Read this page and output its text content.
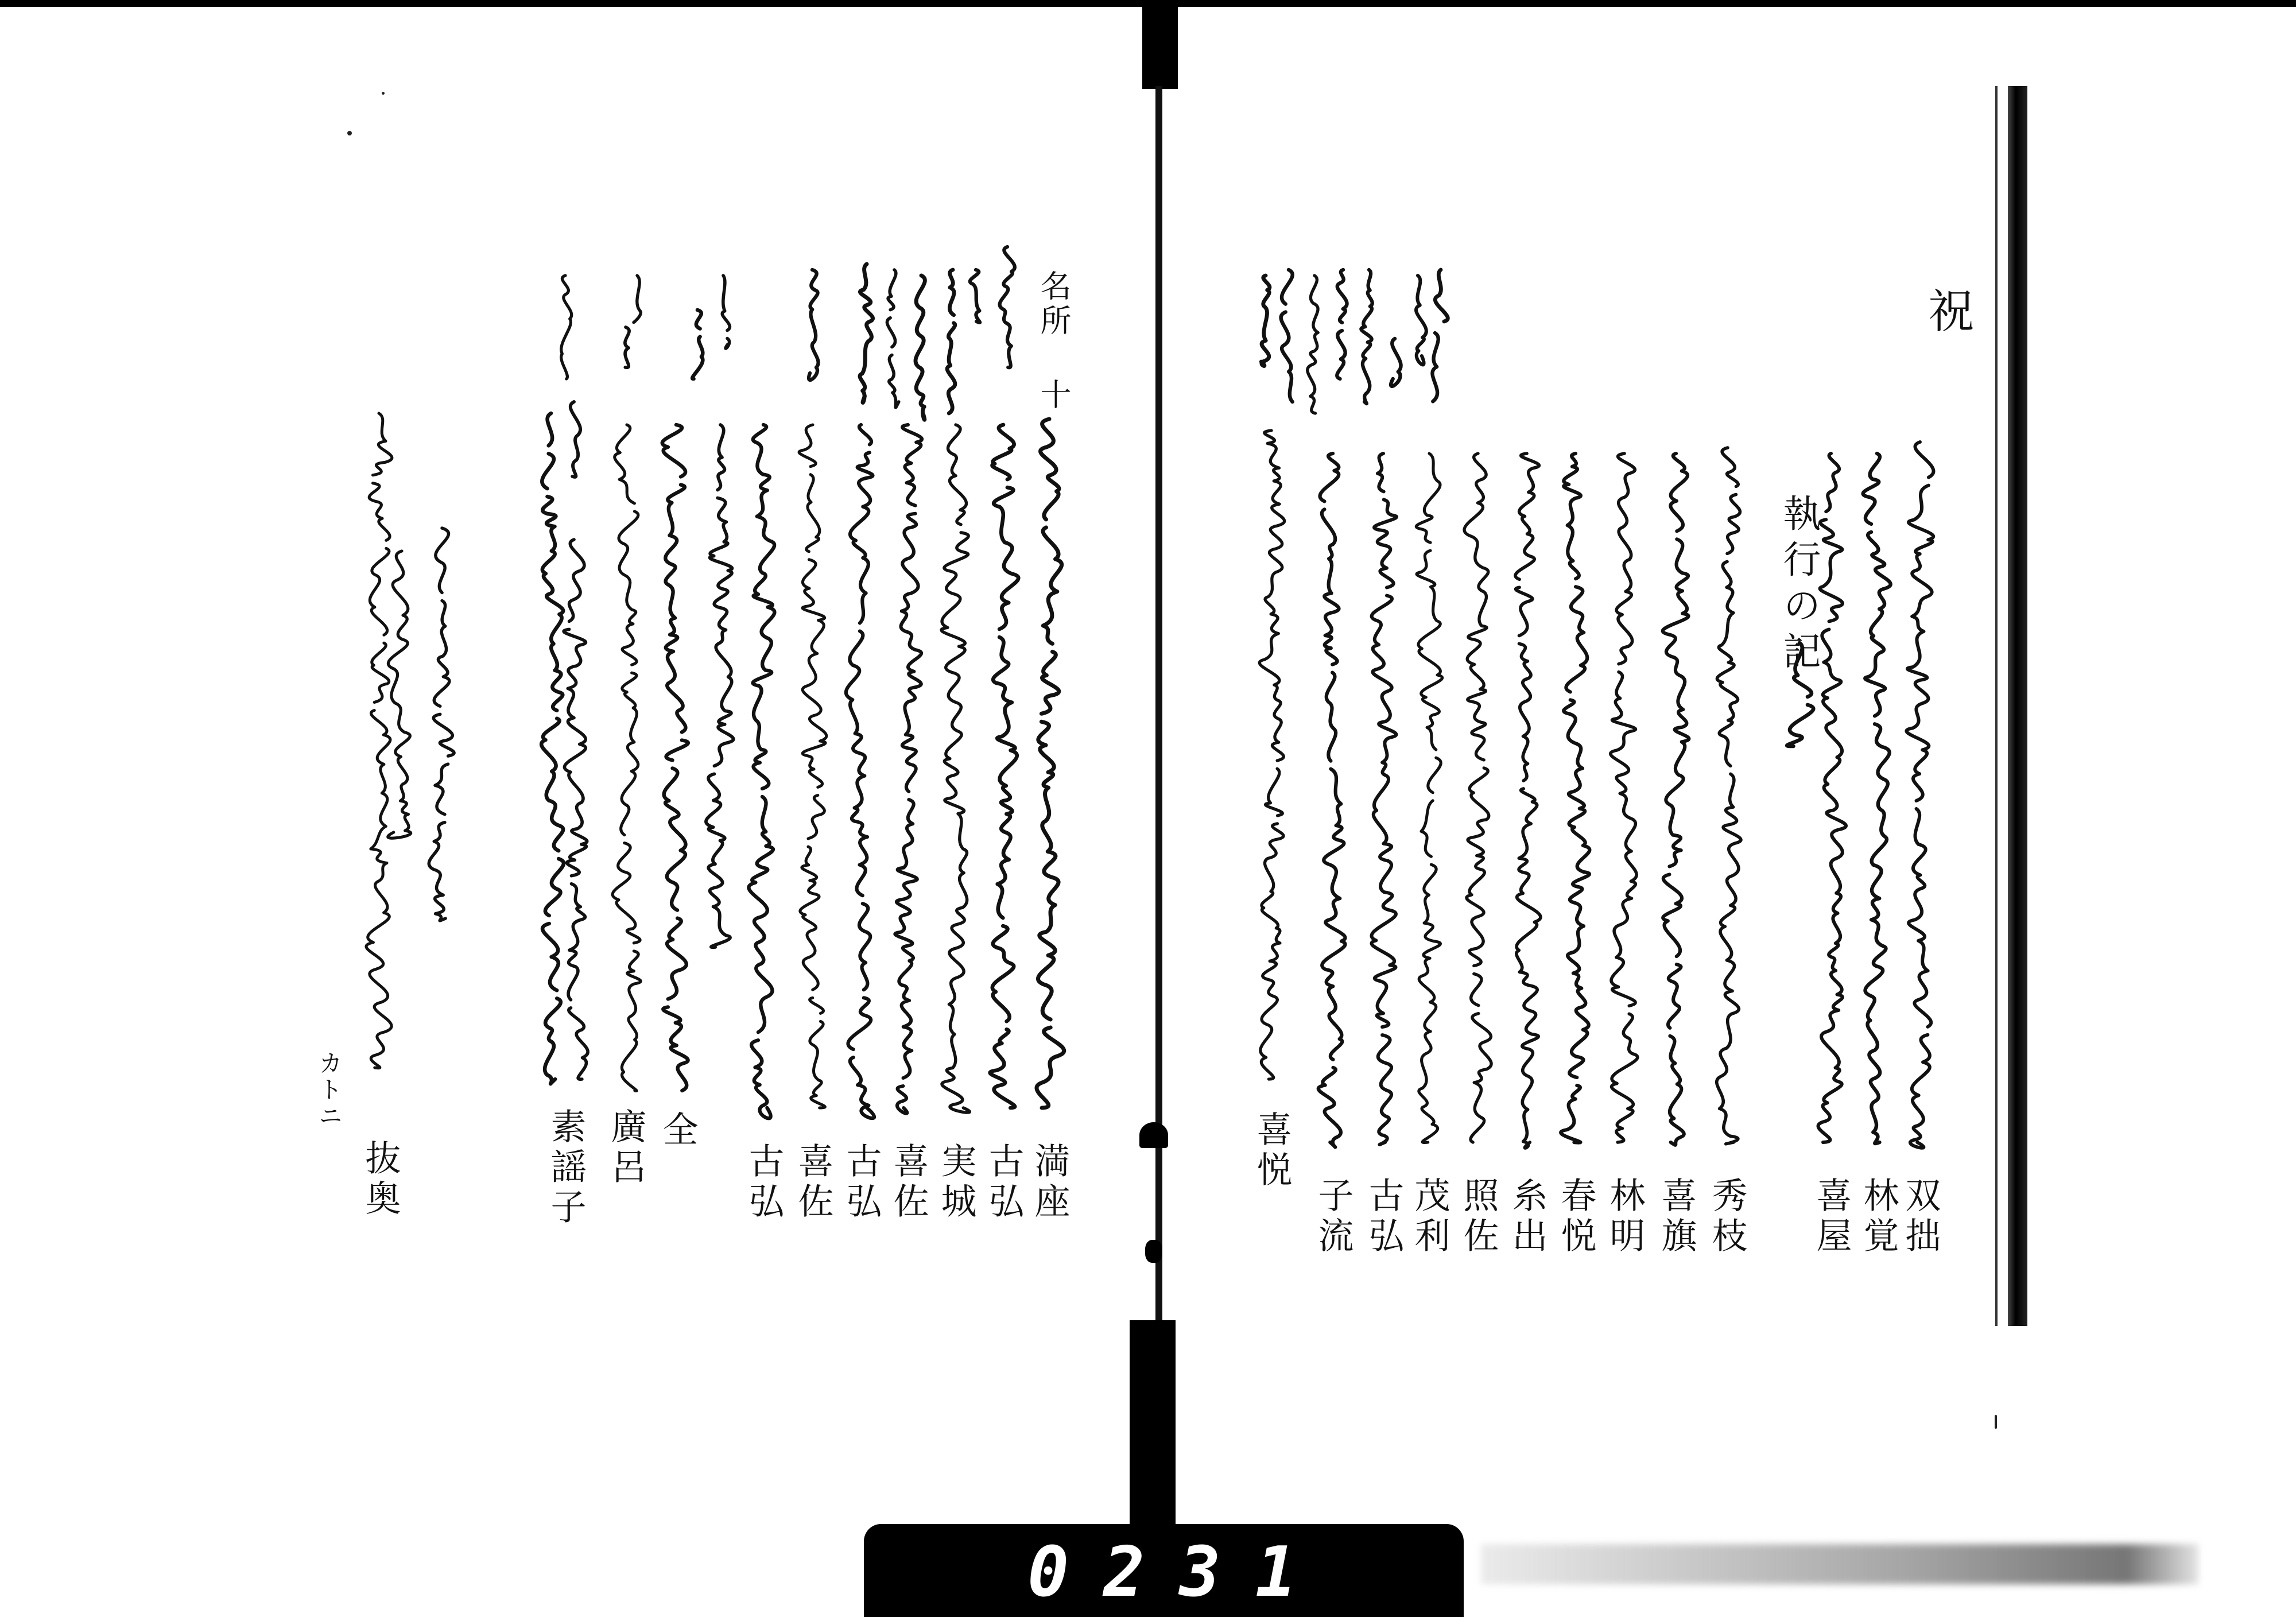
祝
執行の記
双拙
林覚
喜屋
秀枝
喜旗
林明
春悦
糸出
照佐
茂利
古弘
子流
喜悦
名所 十
満座
古弘
実城
喜佐
古弘
喜佐
古弘
全
廣呂
素謡子
抜奥
カトニ
0231
